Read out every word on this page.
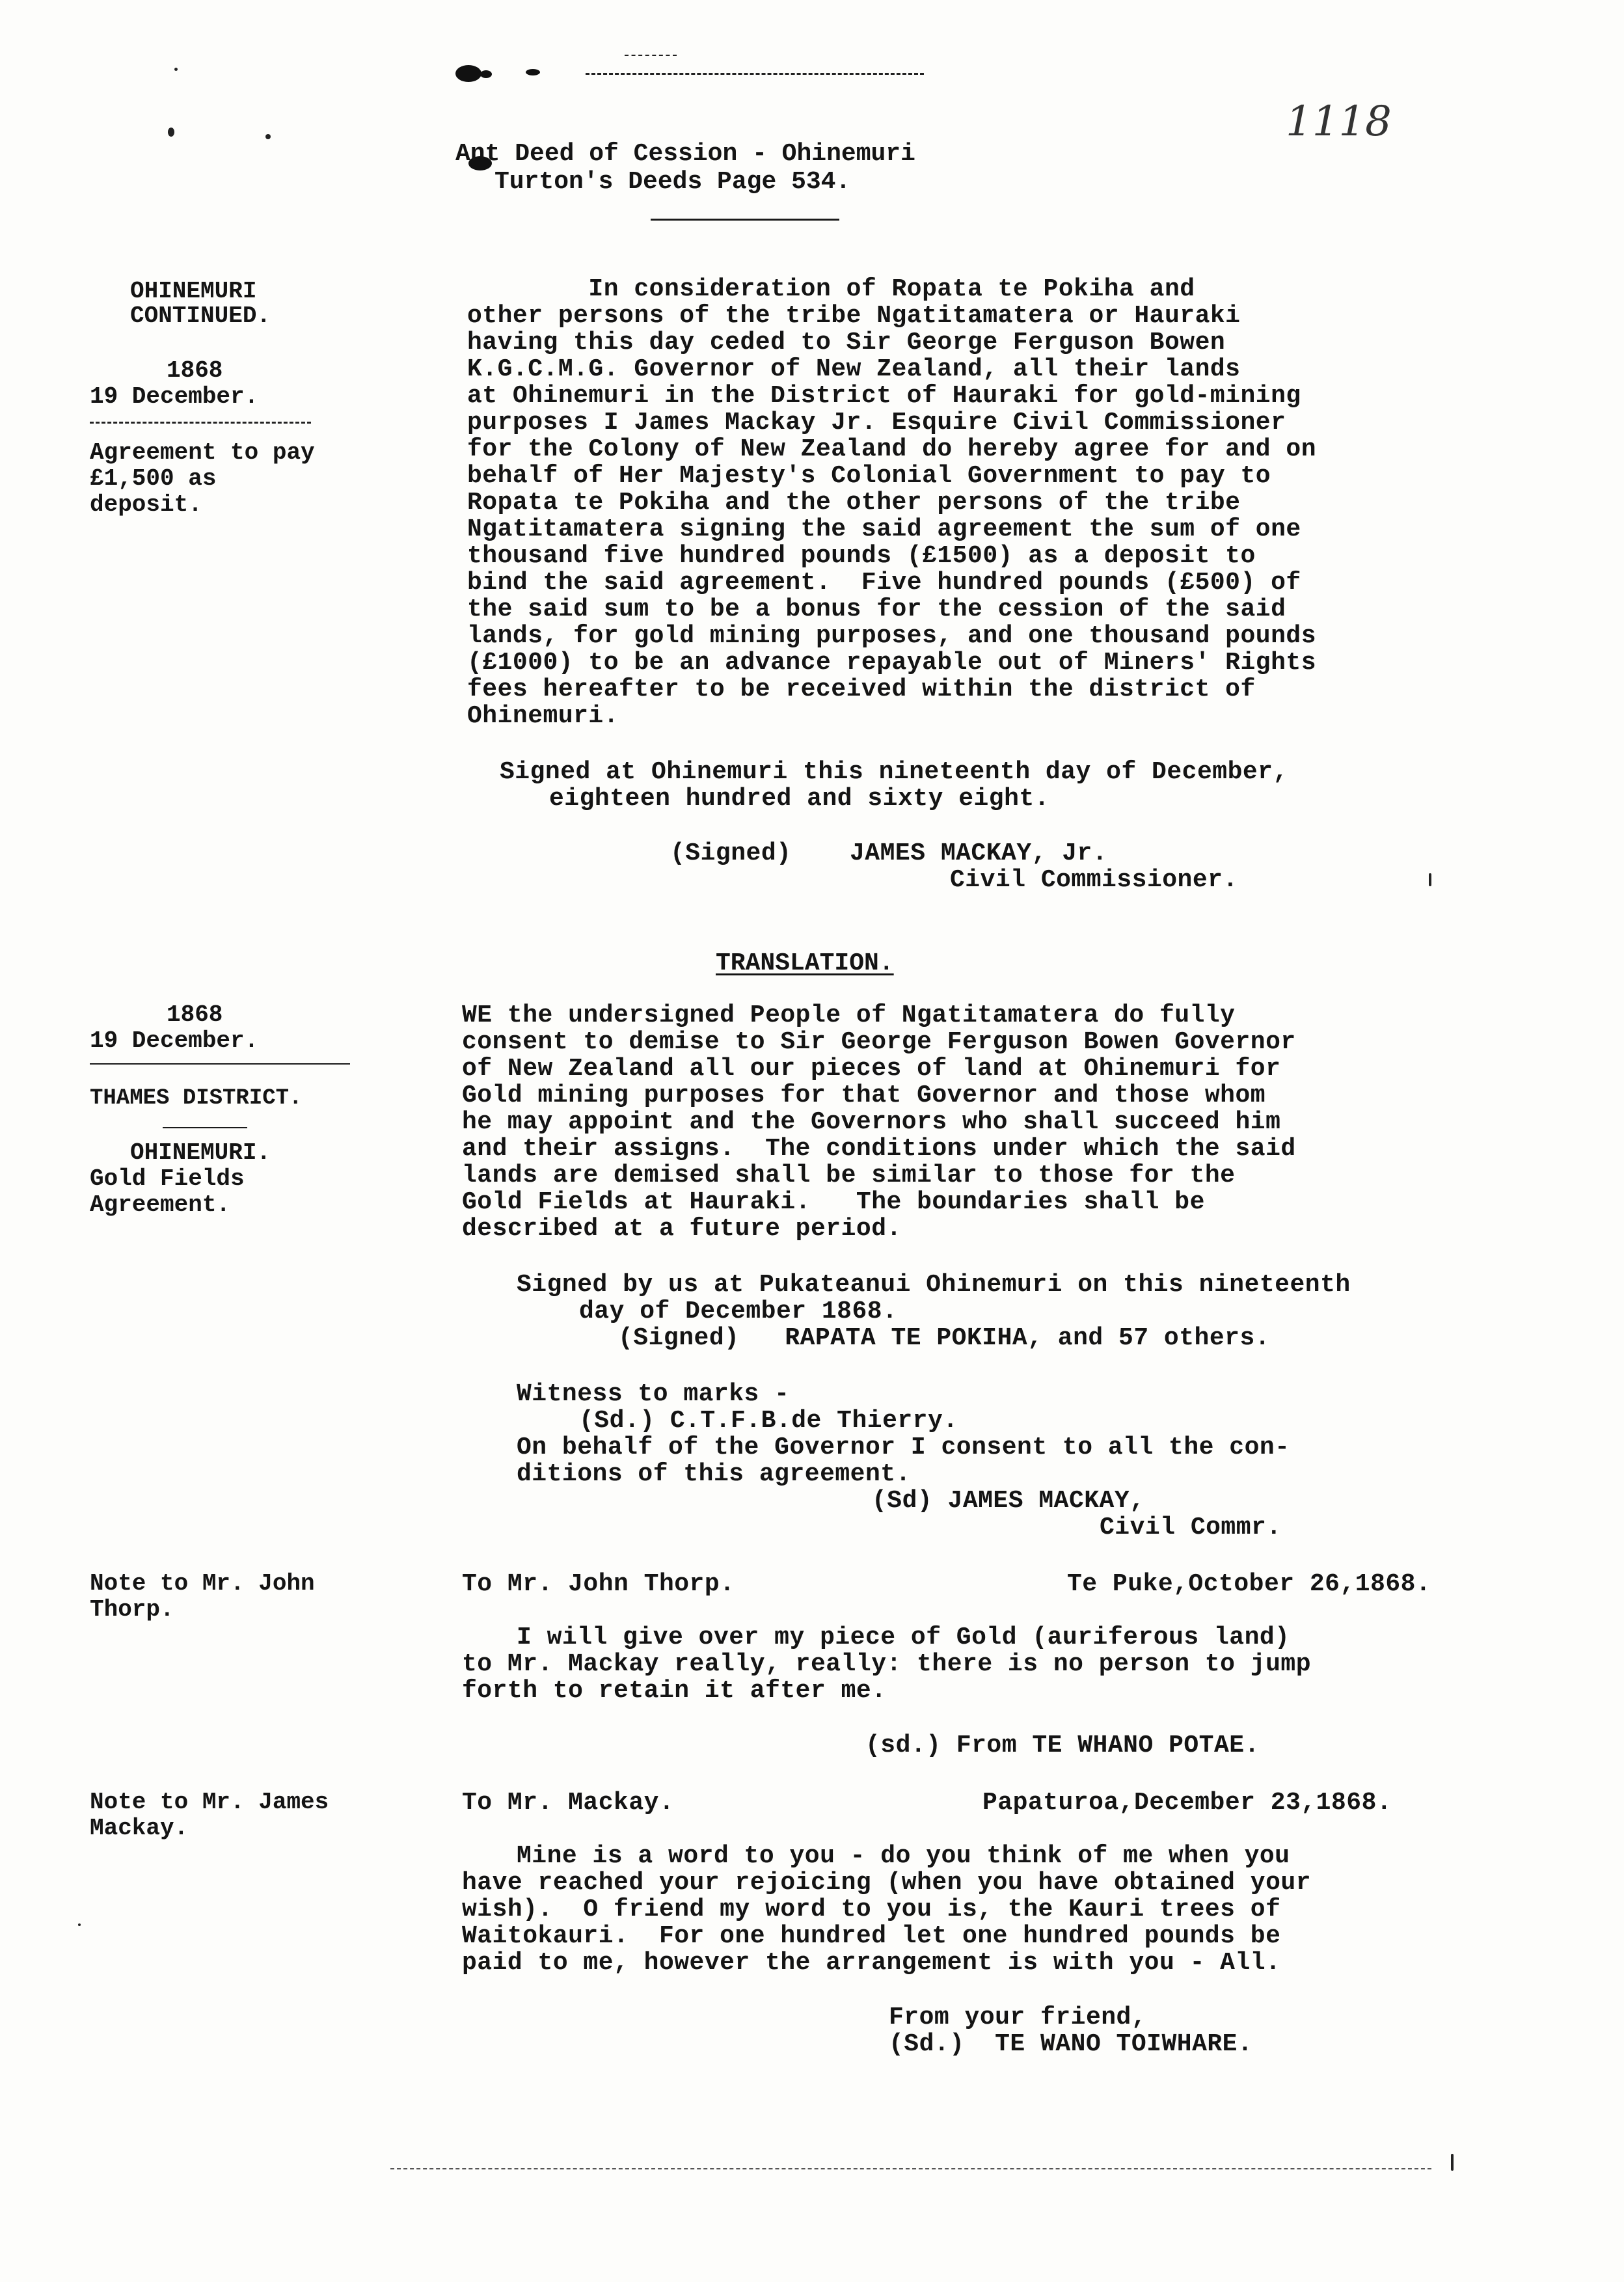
1118
Ant Deed of Cession - Ohinemuri
Turton's Deeds Page 534.
OHINEMURI
CONTINUED.
1868
19 December.
Agreement to pay
£1,500 as
deposit.
In consideration of Ropata te Pokiha and
other persons of the tribe Ngatitamatera or Hauraki
having this day ceded to Sir George Ferguson Bowen
K.G.C.M.G. Governor of New Zealand, all their lands
at Ohinemuri in the District of Hauraki for gold-mining
purposes I James Mackay Jr. Esquire Civil Commissioner
for the Colony of New Zealand do hereby agree for and on
behalf of Her Majesty's Colonial Government to pay to
Ropata te Pokiha and the other persons of the tribe
Ngatitamatera signing the said agreement the sum of one
thousand five hundred pounds (£1500) as a deposit to
bind the said agreement.  Five hundred pounds (£500) of
the said sum to be a bonus for the cession of the said
lands, for gold mining purposes, and one thousand pounds
(£1000) to be an advance repayable out of Miners' Rights
fees hereafter to be received within the district of
Ohinemuri.
Signed at Ohinemuri this nineteenth day of December,
eighteen hundred and sixty eight.
(Signed) JAMES MACKAY, Jr.
Civil Commissioner.
TRANSLATION.
1868
19 December.
THAMES DISTRICT.
OHINEMURI.
Gold Fields
Agreement.
WE the undersigned People of Ngatitamatera do fully
consent to demise to Sir George Ferguson Bowen Governor
of New Zealand all our pieces of land at Ohinemuri for
Gold mining purposes for that Governor and those whom
he may appoint and the Governors who shall succeed him
and their assigns.  The conditions under which the said
lands are demised shall be similar to those for the
Gold Fields at Hauraki.   The boundaries shall be
described at a future period.
Signed by us at Pukateanui Ohinemuri on this nineteenth
day of December 1868.
(Signed)   RAPATA TE POKIHA, and 57 others.
Witness to marks -
(Sd.) C.T.F.B.de Thierry.
On behalf of the Governor I consent to all the con-
ditions of this agreement.
(Sd) JAMES MACKAY,
Civil Commr.
Note to Mr. John
Thorp.
To Mr. John Thorp.	Te Puke,October 26,1868.
I will give over my piece of Gold (auriferous land)
to Mr. Mackay really, really: there is no person to jump
forth to retain it after me.
(sd.) From TE WHANO POTAE.
Note to Mr. James
Mackay.
To Mr. Mackay.	Papaturoa,December 23,1868.
Mine is a word to you - do you think of me when you
have reached your rejoicing (when you have obtained your
wish).  O friend my word to you is, the Kauri trees of
Waitokauri.  For one hundred let one hundred pounds be
paid to me, however the arrangement is with you - All.
From your friend,
(Sd.)  TE WANO TOIWHARE.
